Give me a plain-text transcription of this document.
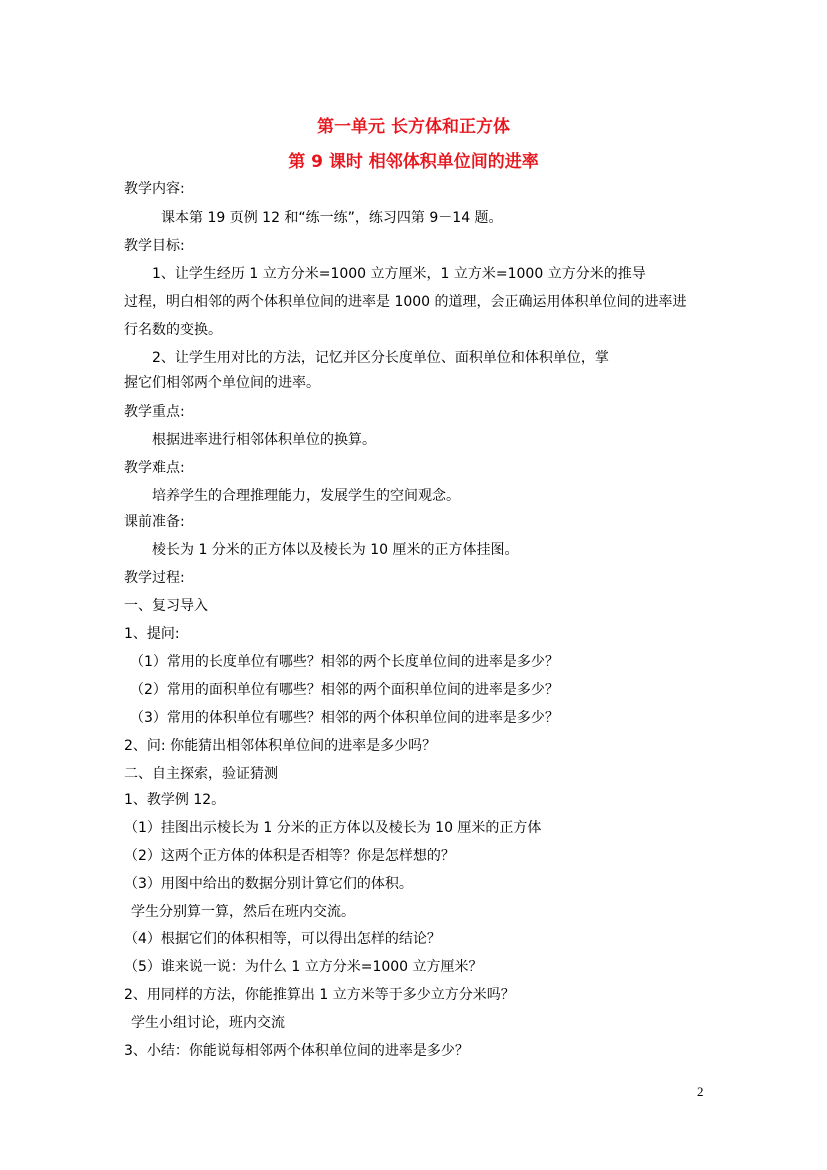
第一单元 长方体和正方体
第 9 课时 相邻体积单位间的进率
教学内容:
课本第 19 页例 12 和“练一练”，练习四第 9－14 题。
教学目标:
1、让学生经历 1 立方分米=1000 立方厘米，1 立方米=1000 立方分米的推导
过程，明白相邻的两个体积单位间的进率是 1000 的道理，会正确运用体积单位间的进率进
行名数的变换。
2、让学生用对比的方法，记忆并区分长度单位、面积单位和体积单位，掌
握它们相邻两个单位间的进率。
教学重点:
根据进率进行相邻体积单位的换算。
教学难点:
培养学生的合理推理能力，发展学生的空间观念。
课前准备:
棱长为 1 分米的正方体以及棱长为 10 厘米的正方体挂图。
教学过程:
一、复习导入
1、提问:
（1）常用的长度单位有哪些？相邻的两个长度单位间的进率是多少？
（2）常用的面积单位有哪些？相邻的两个面积单位间的进率是多少？
（3）常用的体积单位有哪些？相邻的两个体积单位间的进率是多少？
2、问: 你能猜出相邻体积单位间的进率是多少吗？
二、自主探索，验证猜测
1、教学例 12。
（1）挂图出示棱长为 1 分米的正方体以及棱长为 10 厘米的正方体
（2）这两个正方体的体积是否相等？你是怎样想的？
（3）用图中给出的数据分别计算它们的体积。
学生分别算一算，然后在班内交流。
（4）根据它们的体积相等，可以得出怎样的结论？
（5）谁来说一说：为什么 1 立方分米=1000 立方厘米？
2、用同样的方法，你能推算出 1 立方米等于多少立方分米吗？
学生小组讨论，班内交流
3、小结：你能说每相邻两个体积单位间的进率是多少？
2
